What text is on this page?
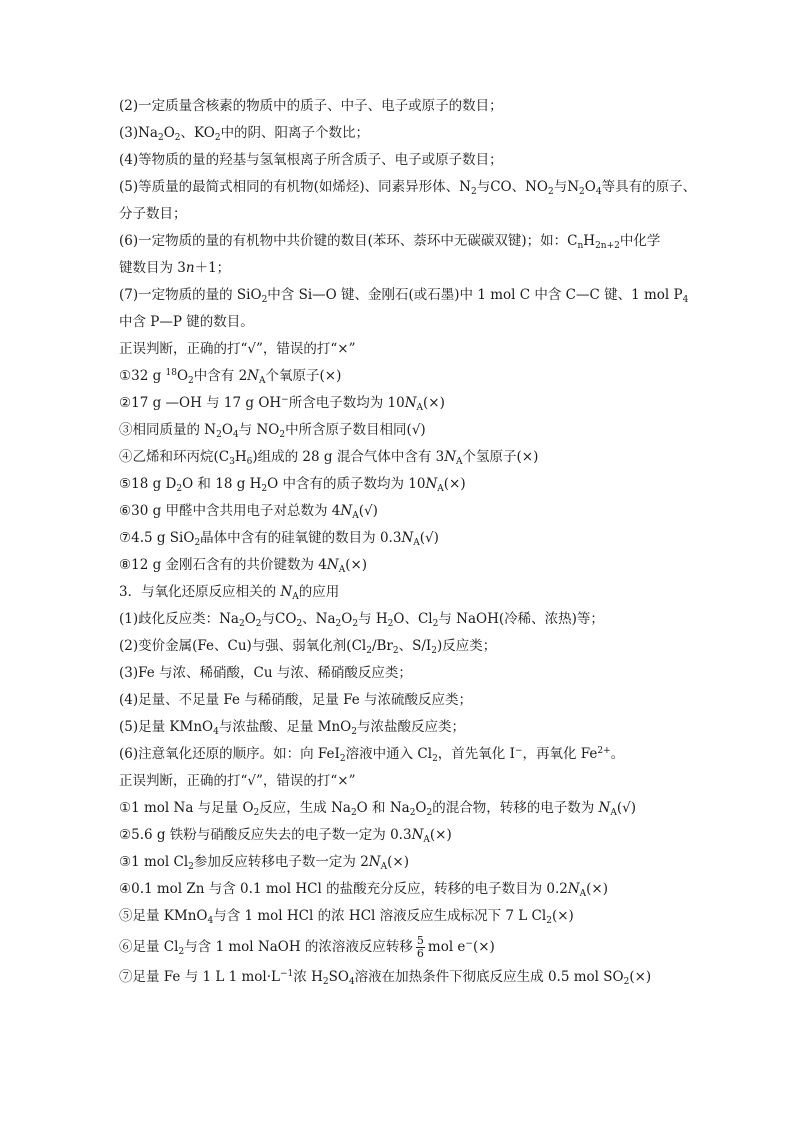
(2)一定质量含核素的物质中的质子、中子、电子或原子的数目；
$(3)Na_2O_2$、$KO_2$中的阴、阳离子个数比；
(4)等物质的量的羟基与氢氧根离子所含质子、电子或原子数目；
(5)等质量的最简式相同的有机物(如烯烃)、同素异形体、$N_2$与CO、$NO_2$与$N_2O_4$等具有的原子、
分子数目；
(6)一定物质的量的有机物中共价键的数目(苯环、萘环中无碳碳双键)；如：$C_nH_{2n+2}$中化学
键数目为 3n＋1；
(7)一定物质的量的 SiO$_2$中含 Si—O 键、金刚石(或石墨)中 1 mol C 中含 C—C 键、1 mol $P_4$
中含 P—P 键的数目。
正误判断，正确的打“√”，错误的打“×”
①32 g $^{18}O_2$中含有 $2N_A$个氧原子(×)
②17 g —OH 与 17 g OH−所含电子数均为 $10N_A(\times)$
③相同质量的 $N_2O_4$与 $NO_2$中所含原子数目相同(√)
④乙烯和环丙烷$(C_3H_6)$组成的 28 g 混合气体中含有 $3N_A$个氢原子(×)
⑤18 g $D_2O$ 和 18 g $H_2O$ 中含有的质子数均为 $10N_A(\times)$
⑥30 g 甲醛中含共用电子对总数为 $4N_A(√)$
⑦4.5 g SiO$_2$晶体中含有的硅氧键的数目为 $0.3N_A(√)$
⑧12 g 金刚石含有的共价键数为 $4N_A(\times)$
3．与氧化还原反应相关的 $N_A$的应用
(1)歧化反应类：$Na_2O_2$与$CO_2$、$Na_2O_2$与 $H_2O$、$Cl_2$与 NaOH(冷稀、浓热)等；
(2)变价金属(Fe、Cu)与强、弱氧化剂($Cl_2/Br_2$、$S/I_2$)反应类；
(3)Fe 与浓、稀硝酸，Cu 与浓、稀硝酸反应类；
(4)足量、不足量 Fe 与稀硝酸，足量 Fe 与浓硫酸反应类；
(5)足量 KMnO$_4$与浓盐酸、足量 MnO$_2$与浓盐酸反应类；
(6)注意氧化还原的顺序。如：向 FeI$_2$溶液中通入 $Cl_2$，首先氧化 I−，再氧化 $Fe^{2+}$。
正误判断，正确的打“√”，错误的打“×”
①1 mol Na 与足量 $O_2$反应，生成 $Na_2O$ 和 $Na_2O_2$的混合物，转移的电子数为 $N_A(√)$
②5.6 g 铁粉与硝酸反应失去的电子数一定为 $0.3N_A(\times)$
③1 mol $Cl_2$参加反应转移电子数一定为 $2N_A(\times)$
④0.1 mol Zn 与含 0.1 mol HCl 的盐酸充分反应，转移的电子数目为 $0.2N_A(\times)$
⑤足量 KMnO$_4$与含 1 mol HCl 的浓 HCl 溶液反应生成标况下 7 L $Cl_2(\times)$
⑥足量 $Cl_2$与含 1 mol NaOH 的浓溶液反应转移 $\frac{5}{6}$ mol e−(×)
⑦足量 Fe 与 1 L 1 $mol\cdot L^{-1}$浓 $H_2SO_4$溶液在加热条件下彻底反应生成 0.5 mol $SO_2(\times)$
